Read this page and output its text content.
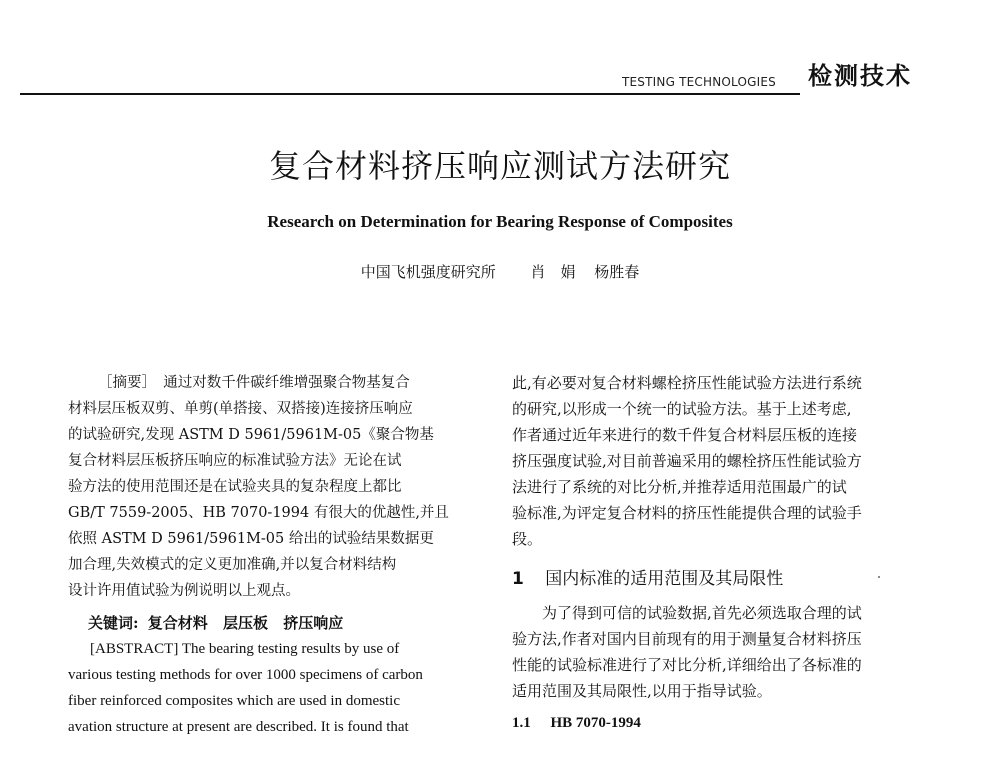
TESTING TECHNOLOGIES 检测技术
复合材料挤压响应测试方法研究
Research on Determination for Bearing Response of Composites
中国飞机强度研究所 肖　娟 杨胜春

［摘要］　通过对数千件碳纤维增强聚合物基复合

材料层压板双剪、单剪(单搭接、双搭接)连接挤压响应

的试验研究,发现 ASTM D 5961/5961M-05《聚合物基

复合材料层压板挤压响应的标准试验方法》无论在试

验方法的使用范围还是在试验夹具的复杂程度上都比

GB/T 7559-2005、HB 7070-1994 有很大的优越性,并且

依照 ASTM D 5961/5961M-05 给出的试验结果数据更

加合理,失效模式的定义更加准确,并以复合材料结构

设计许用值试验为例说明以上观点。

关键词: 复合材料 层压板 挤压响应

[ABSTRACT] The bearing testing results by use of

various testing methods for over 1000 specimens of carbon

fiber reinforced composites which are used in domestic

avation structure at present are described. It is found that

此,有必要对复合材料螺栓挤压性能试验方法进行系统

的研究,以形成一个统一的试验方法。基于上述考虑,

作者通过近年来进行的数千件复合材料层压板的连接

挤压强度试验,对目前普遍采用的螺栓挤压性能试验方

法进行了系统的对比分析,并推荐适用范围最广的试

验标准,为评定复合材料的挤压性能提供合理的试验手

段。

1 国内标准的适用范围及其局限性

为了得到可信的试验数据,首先必须选取合理的试

验方法,作者对国内目前现有的用于测量复合材料挤压

性能的试验标准进行了对比分析,详细给出了各标准的

适用范围及其局限性,以用于指导试验。

1.1 HB 7070-1994
